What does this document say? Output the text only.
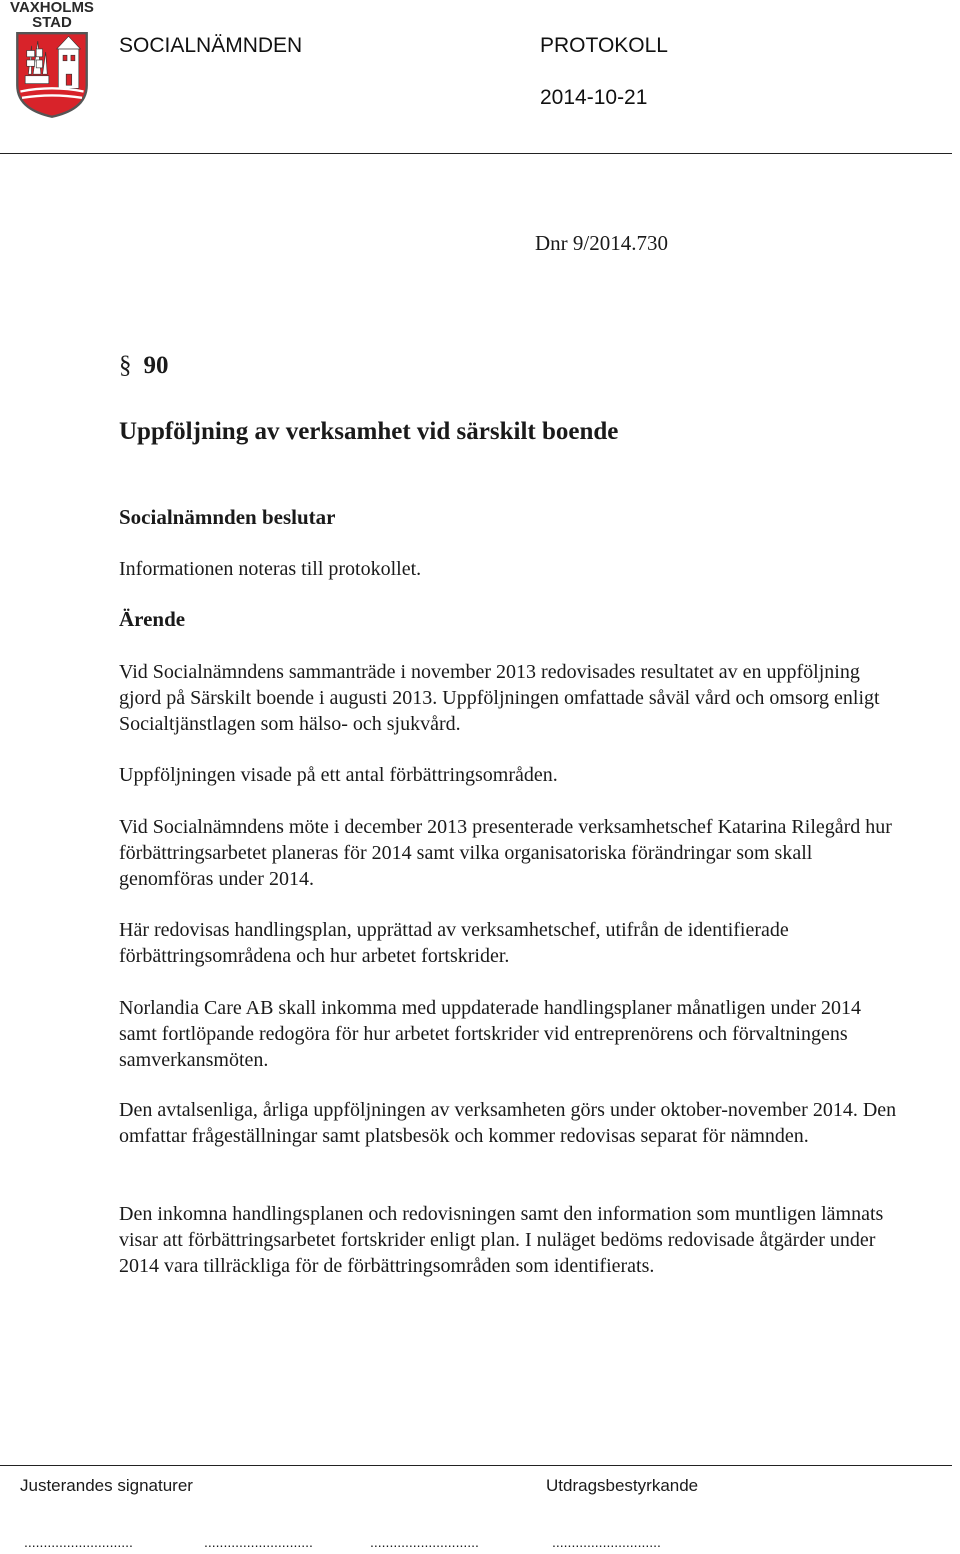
VAXHOLMS
STAD
SOCIALNÄMNDEN	PROTOKOLL
2014-10-21
Dnr 9/2014.730
§ 90
Uppföljning av verksamhet vid särskilt boende
Socialnämnden beslutar

Informationen noteras till protokollet.

Ärende

Vid Socialnämndens sammanträde i november 2013 redovisades resultatet av en uppföljning gjord på Särskilt boende i augusti 2013. Uppföljningen omfattade såväl vård och omsorg enligt Socialtjänstlagen som hälso- och sjukvård.

Uppföljningen visade på ett antal förbättringsområden.

Vid Socialnämndens möte i december 2013 presenterade verksamhetschef Katarina Rilegård hur förbättringsarbetet planeras för 2014 samt vilka organisatoriska förändringar som skall genomföras under 2014.

Här redovisas handlingsplan, upprättad av verksamhetschef, utifrån de identifierade förbättringsområdena och hur arbetet fortskrider.

Norlandia Care AB skall inkomma med uppdaterade handlingsplaner månatligen under 2014 samt fortlöpande redogöra för hur arbetet fortskrider vid entreprenörens och förvaltningens samverkansmöten.

Den avtalsenliga, årliga uppföljningen av verksamheten görs under oktober-november 2014. Den omfattar frågeställningar samt platsbesök och kommer redovisas separat för nämnden.

Den inkomna handlingsplanen och redovisningen samt den information som muntligen lämnats visar att förbättringsarbetet fortskrider enligt plan. I nuläget bedöms redovisade åtgärder under 2014 vara tillräckliga för de förbättringsområden som identifierats.

Justerandes signaturer	Utdragsbestyrkande
............................	............................	............................	............................
